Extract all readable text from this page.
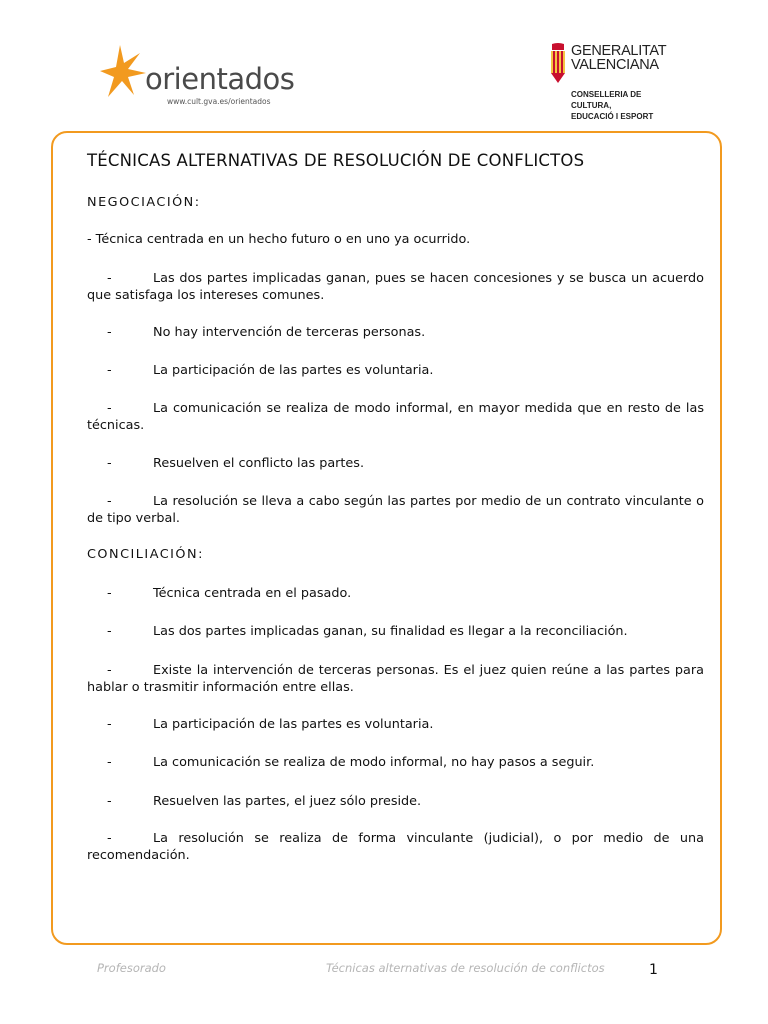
orientados
www.cult.gva.es/orientados
GENERALITAT
VALENCIANA
CONSELLERIA DE CULTURA,
EDUCACIÓ I ESPORT
TÉCNICAS ALTERNATIVAS DE RESOLUCIÓN DE CONFLICTOS
NEGOCIACIÓN:
- Técnica centrada en un hecho futuro o en uno ya ocurrido.
-	Las dos partes implicadas ganan, pues se hacen concesiones y se busca un acuerdo que satisfaga los intereses comunes.
-	No hay intervención de terceras personas.
-	La participación de las partes es voluntaria.
-	La comunicación se realiza de modo informal, en mayor medida que en resto de las técnicas.
-	Resuelven el conflicto las partes.
-	La resolución se lleva a cabo según las partes por medio de un contrato vinculante o de tipo verbal.
CONCILIACIÓN:
-	Técnica centrada en el pasado.
-	Las dos partes implicadas ganan, su finalidad es llegar a la reconciliación.
-	Existe la intervención de terceras personas. Es el juez quien reúne a las partes para hablar o trasmitir información entre ellas.
-	La participación de las partes es voluntaria.
-	La comunicación se realiza de modo informal, no hay pasos a seguir.
-	Resuelven las partes, el juez sólo preside.
-	La resolución se realiza de forma vinculante (judicial), o por medio de una recomendación.
Profesorado	Técnicas alternativas de resolución de conflictos	1
